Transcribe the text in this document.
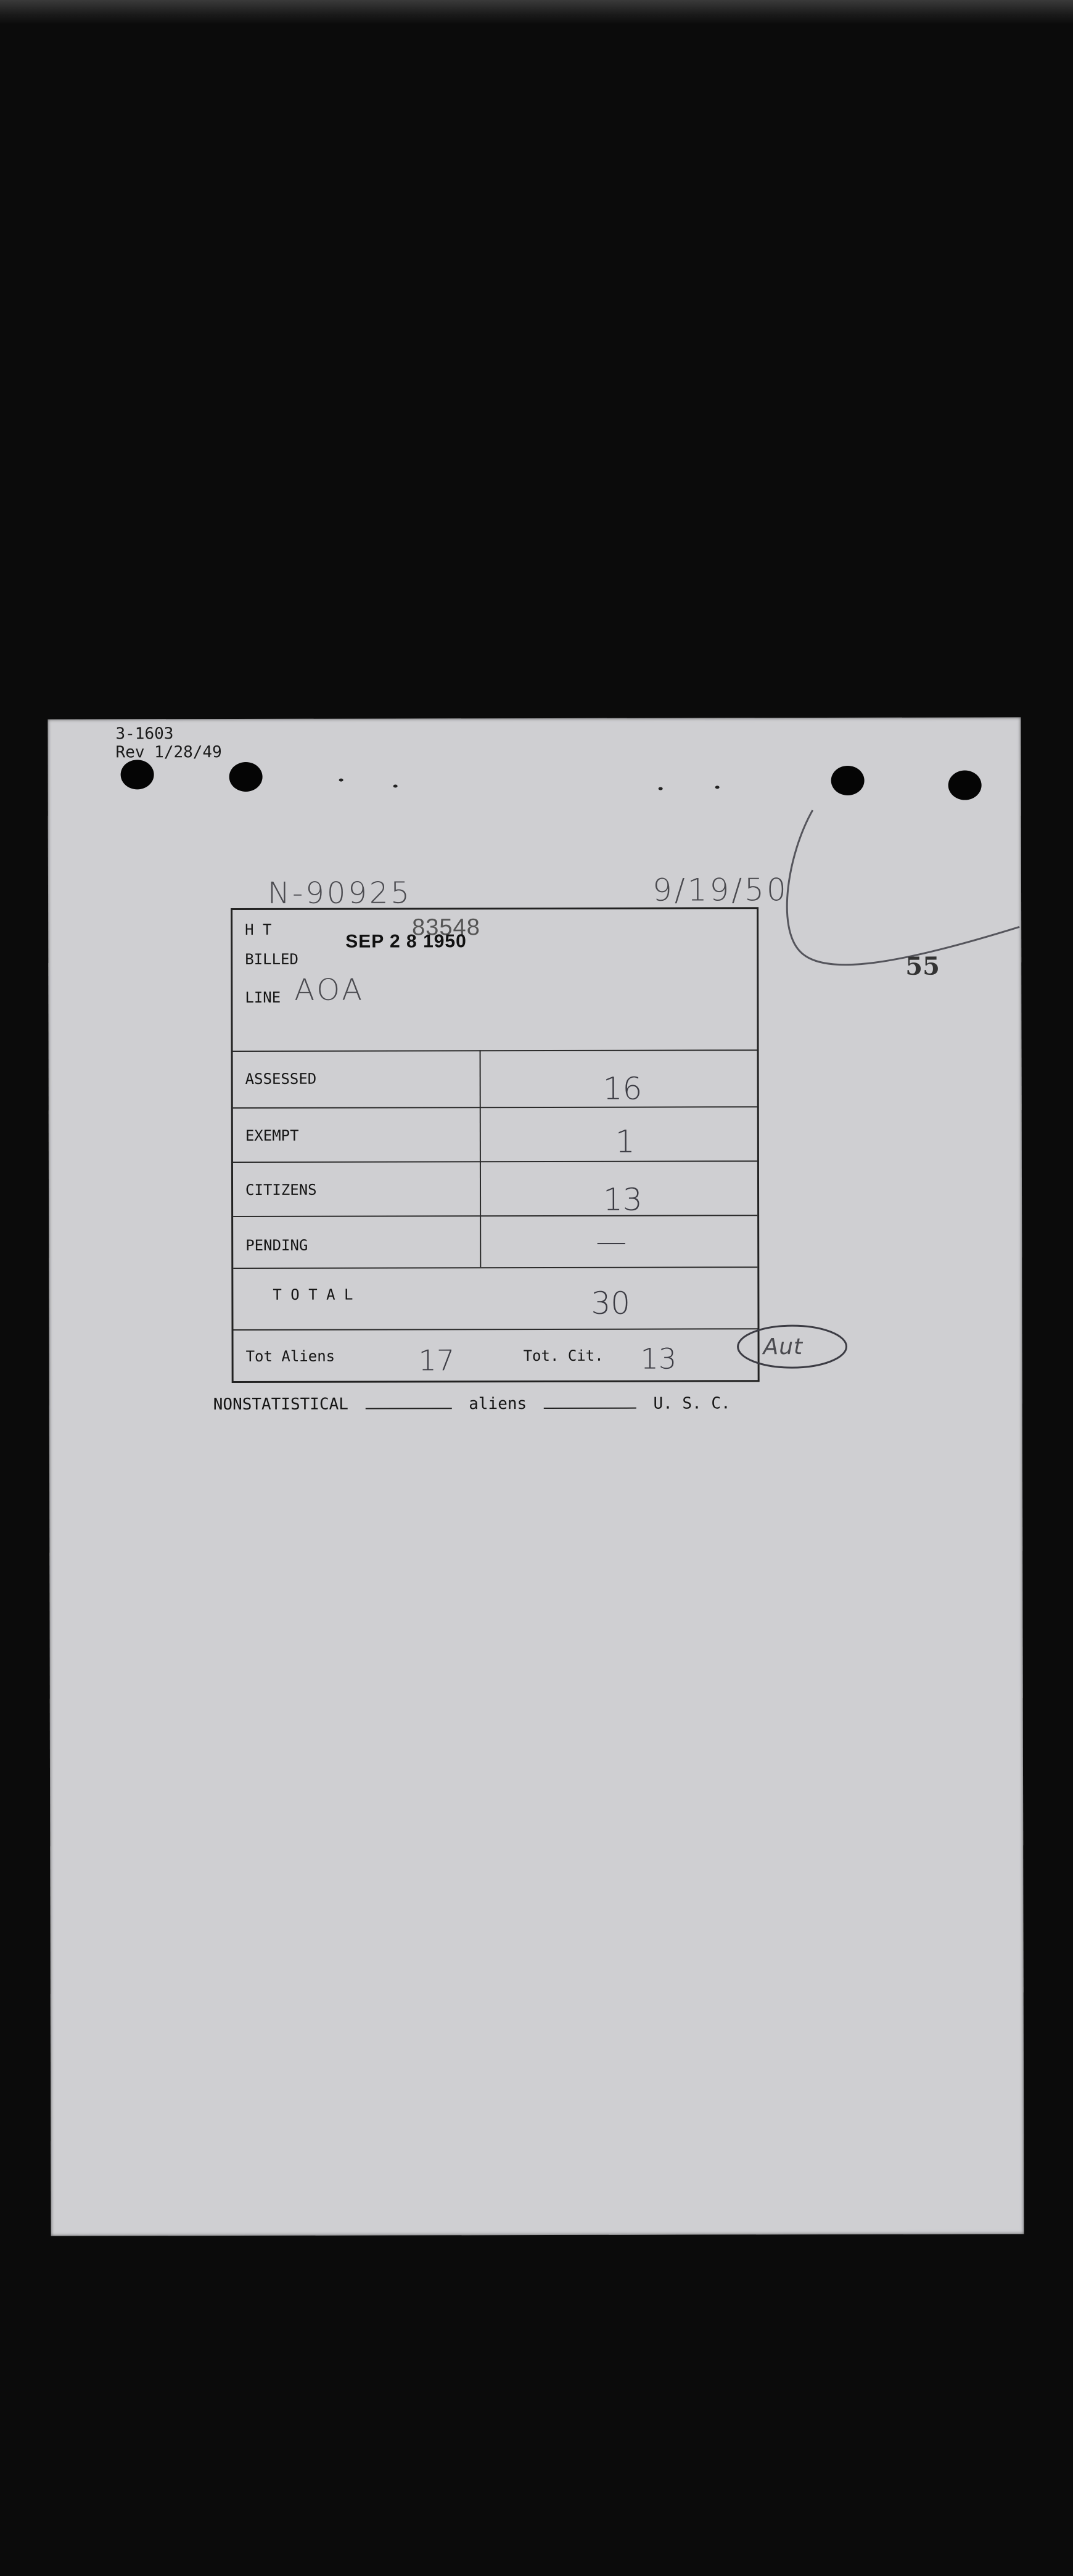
3-1603
Rev 1/28/49
N-90925	9/19/50
55
83548
SEP 2 8 1950
H T
BILLED
LINE AOA
ASSESSED	16
EXEMPT	1
CITIZENS	13
PENDING	—
T O T A L	30
Tot Aliens	17	Tot. Cit. 13	Aut
NONSTATISTICAL	aliens	U. S. C.
